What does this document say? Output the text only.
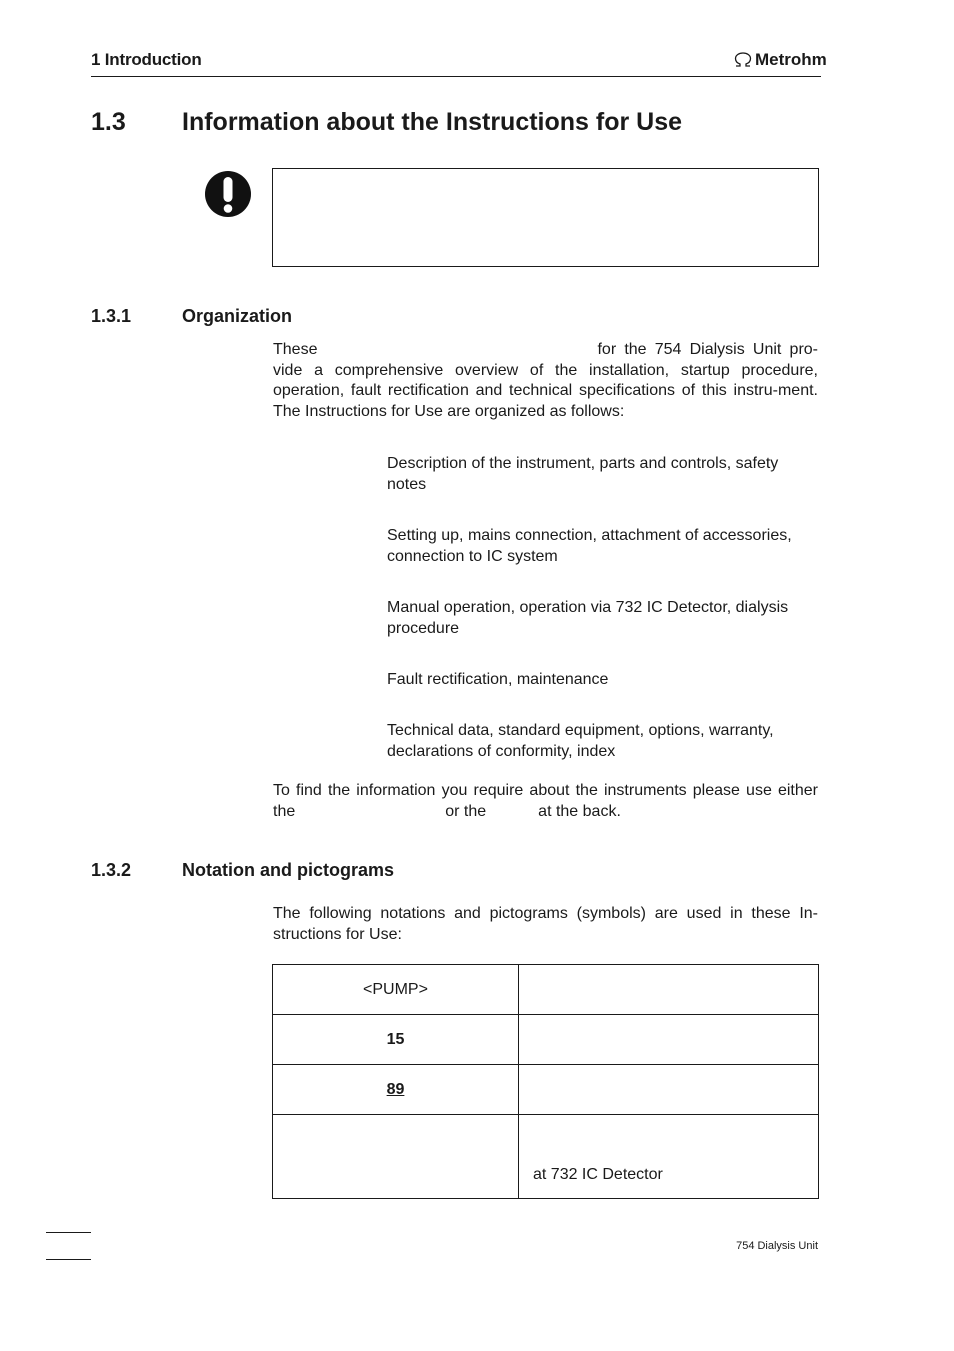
1 Introduction	Metrohm
1.3 Information about the Instructions for Use
1.3.1	Organization
These	for the 754 Dialysis Unit pro-vide a comprehensive overview of the installation, startup procedure, operation, fault rectification and technical specifications of this instru-ment. The Instructions for Use are organized as follows:
Description of the instrument, parts and controls, safety notes
Setting up, mains connection, attachment of accessories, connection to IC system
Manual operation, operation via 732 IC Detector, dialysis procedure
Fault rectification, maintenance
Technical data, standard equipment, options, warranty, declarations of conformity, index
To find the information you require about the instruments please use either the	or the	at the back.
1.3.2	Notation and pictograms
The following notations and pictograms (symbols) are used in these In-structions for Use:
<PUMP>	
15	
89	
	at 732 IC Detector
754 Dialysis Unit
